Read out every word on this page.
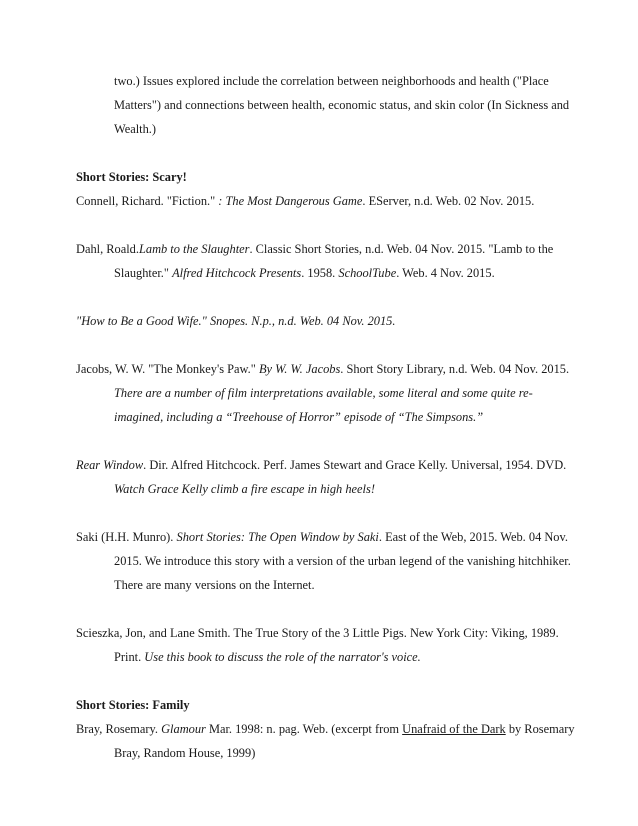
two.) Issues explored include the correlation between neighborhoods and health ("Place Matters") and connections between health, economic status, and skin color (In Sickness and Wealth.)

Short Stories: Scary!

Connell, Richard. "Fiction." : The Most Dangerous Game. EServer, n.d. Web. 02 Nov. 2015.

Dahl, Roald.Lamb to the Slaughter. Classic Short Stories, n.d. Web. 04 Nov. 2015. "Lamb to the Slaughter." Alfred Hitchcock Presents. 1958. SchoolTube. Web. 4 Nov. 2015.

"How to Be a Good Wife." Snopes. N.p., n.d. Web. 04 Nov. 2015.

Jacobs, W. W. "The Monkey's Paw." By W. W. Jacobs. Short Story Library, n.d. Web. 04 Nov. 2015. There are a number of film interpretations available, some literal and some quite re-imagined, including a “Treehouse of Horror” episode of “The Simpsons.”

Rear Window. Dir. Alfred Hitchcock. Perf. James Stewart and Grace Kelly. Universal, 1954. DVD. Watch Grace Kelly climb a fire escape in high heels!

Saki (H.H. Munro). Short Stories: The Open Window by Saki. East of the Web, 2015. Web. 04 Nov. 2015. We introduce this story with a version of the urban legend of the vanishing hitchhiker. There are many versions on the Internet.

Scieszka, Jon, and Lane Smith. The True Story of the 3 Little Pigs. New York City: Viking, 1989. Print. Use this book to discuss the role of the narrator's voice.

Short Stories: Family

Bray, Rosemary. Glamour Mar. 1998: n. pag. Web. (excerpt from Unafraid of the Dark by Rosemary Bray, Random House, 1999)
